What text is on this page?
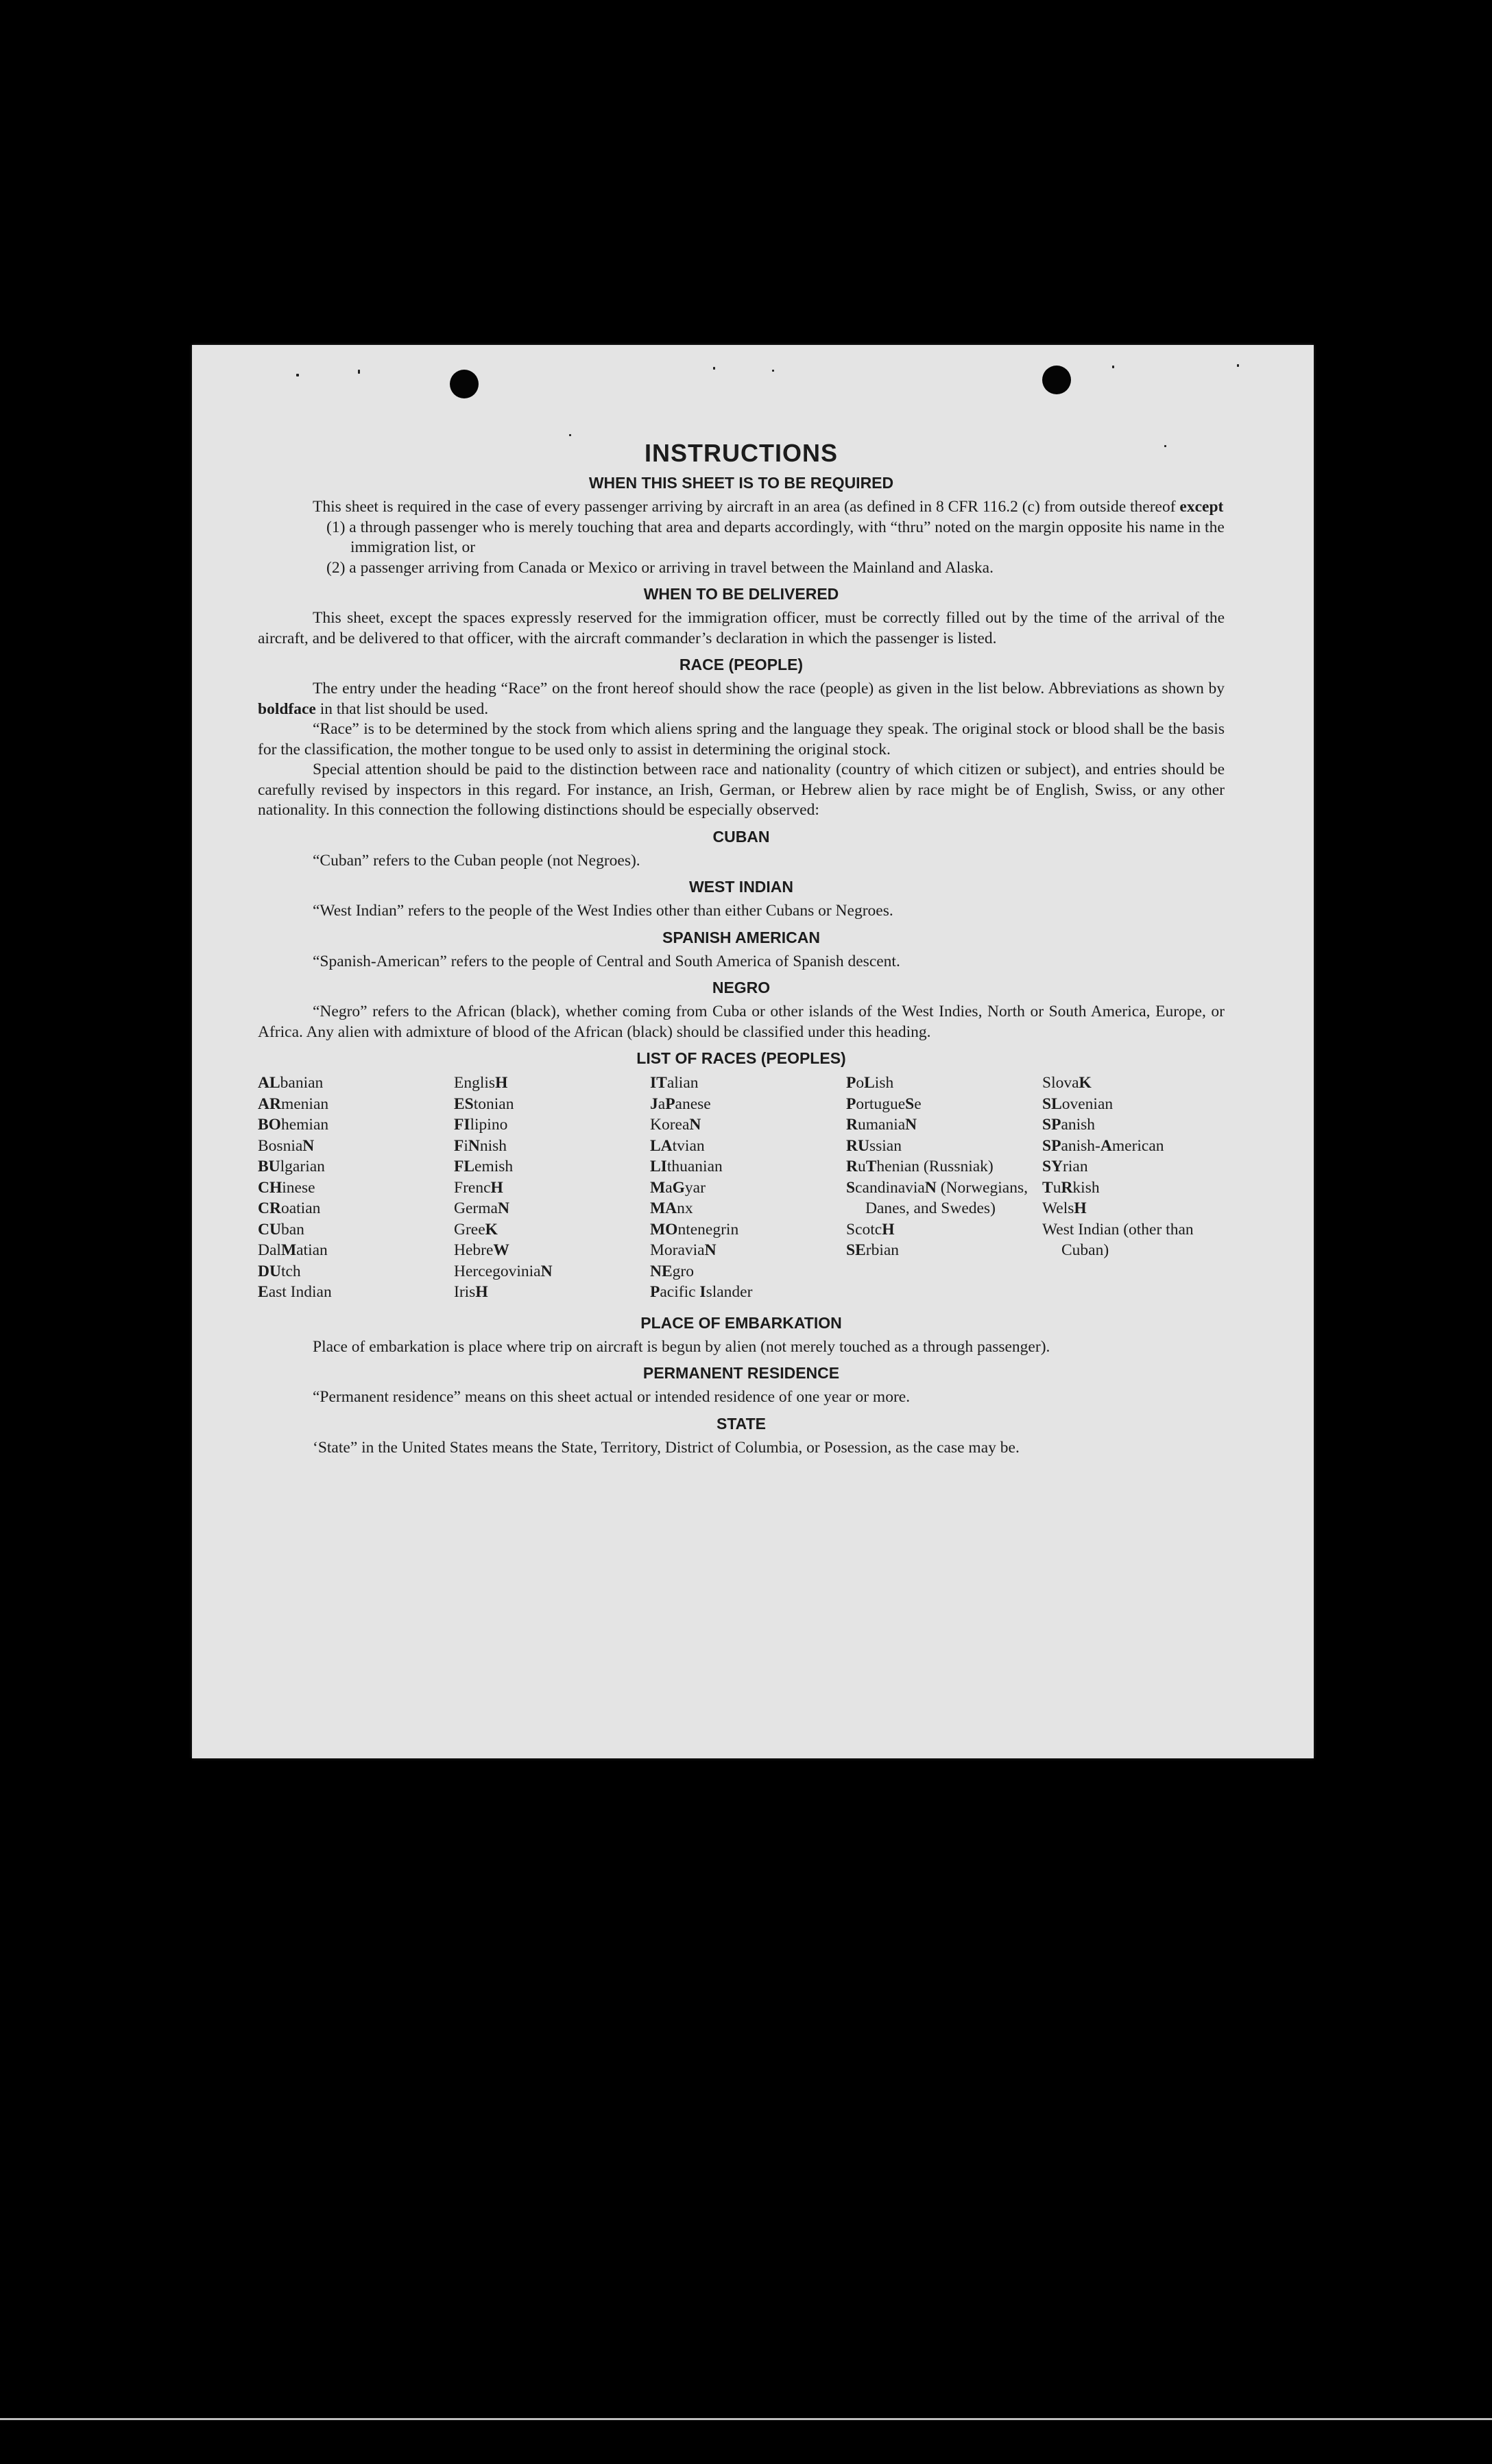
INSTRUCTIONS
WHEN THIS SHEET IS TO BE REQUIRED

This sheet is required in the case of every passenger arriving by aircraft in an area (as defined in 8 CFR 116.2 (c) from outside thereof except

(1) a through passenger who is merely touching that area and departs accordingly, with “thru” noted on the margin opposite his name in the immigration list, or
(2) a passenger arriving from Canada or Mexico or arriving in travel between the Mainland and Alaska.
WHEN TO BE DELIVERED

This sheet, except the spaces expressly reserved for the immigration officer, must be correctly filled out by the time of the arrival of the aircraft, and be delivered to that officer, with the aircraft commander’s declaration in which the passenger is listed.

RACE (PEOPLE)

The entry under the heading “Race” on the front hereof should show the race (people) as given in the list below. Abbreviations as shown by boldface in that list should be used.

“Race” is to be determined by the stock from which aliens spring and the language they speak. The original stock or blood shall be the basis for the classification, the mother tongue to be used only to assist in determining the original stock.

Special attention should be paid to the distinction between race and nationality (country of which citizen or subject), and entries should be carefully revised by inspectors in this regard. For instance, an Irish, German, or Hebrew alien by race might be of English, Swiss, or any other nationality. In this connection the following distinctions should be especially observed:

CUBAN

“Cuban” refers to the Cuban people (not Negroes).

WEST INDIAN

“West Indian” refers to the people of the West Indies other than either Cubans or Negroes.

SPANISH AMERICAN

“Spanish-American” refers to the people of Central and South America of Spanish descent.

NEGRO

“Negro” refers to the African (black), whether coming from Cuba or other islands of the West Indies, North or South America, Europe, or Africa. Any alien with admixture of blood of the African (black) should be classified under this heading.

LIST OF RACES (PEOPLES)
ALbanian
ARmenian
BOhemian
BosniaN
BUlgarian
CHinese
CRoatian
CUban
DalMatian
DUtch
East Indian
EnglisH
EStonian
FIlipino
FiNnish
FLemish
FrencH
GermaN
GreeK
HebreW
HercegoviniaN
IrisH
ITalian
JaPanese
KoreaN
LAtvian
LIthuanian
MaGyar
MAnx
MOntenegrin
MoraviaN
NEgro
Pacific Islander
PoLish
PortugueSe
RumaniaN
RUssian
RuThenian (Russniak)
ScandinaviaN (Norwegians, Danes, and Swedes)
ScotcH
SErbian
SlovaK
SLovenian
SPanish
SPanish-American
SYrian
TuRkish
WelsH
West Indian (other than Cuban)
PLACE OF EMBARKATION

Place of embarkation is place where trip on aircraft is begun by alien (not merely touched as a through passenger).

PERMANENT RESIDENCE

“Permanent residence” means on this sheet actual or intended residence of one year or more.

STATE

‘State” in the United States means the State, Territory, District of Columbia, or Posession, as the case may be.
